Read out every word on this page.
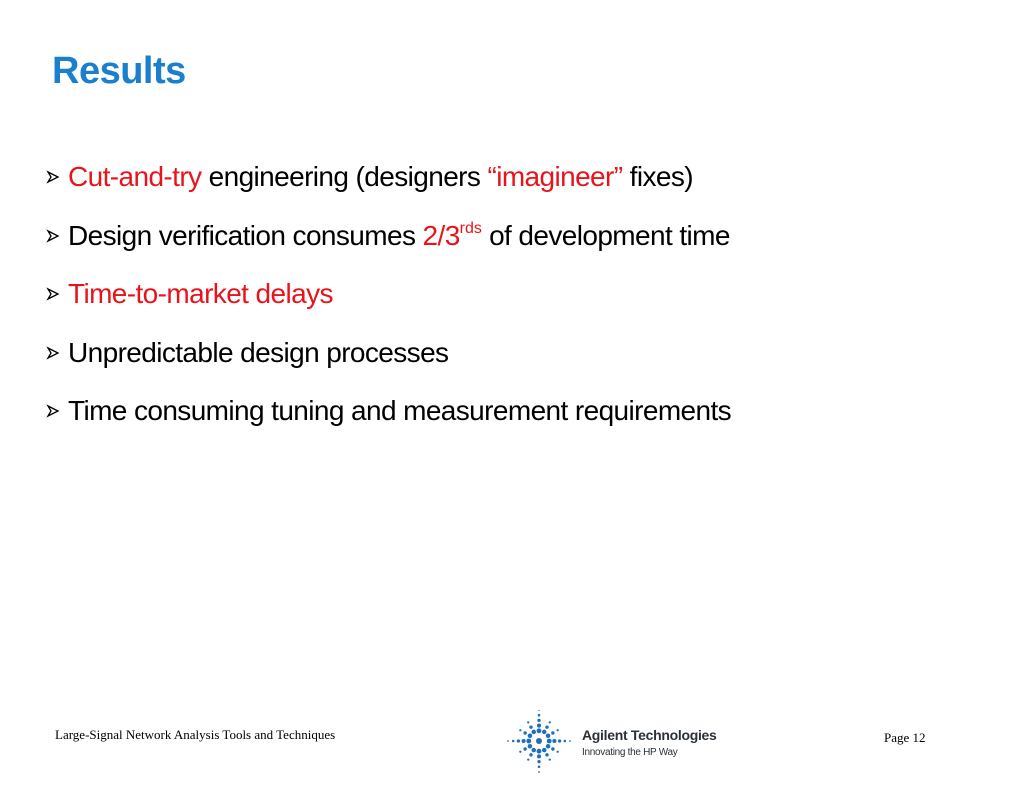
Results
Cut-and-try engineering (designers “imagineer” fixes)
Design verification consumes $2/3^{rds}$ of development time
Time-to-market delays
Unpredictable design processes
Time consuming tuning and measurement requirements
Large-Signal Network Analysis Tools and Techniques	Agilent Technologies
Innovating the HP Way
Page 12
